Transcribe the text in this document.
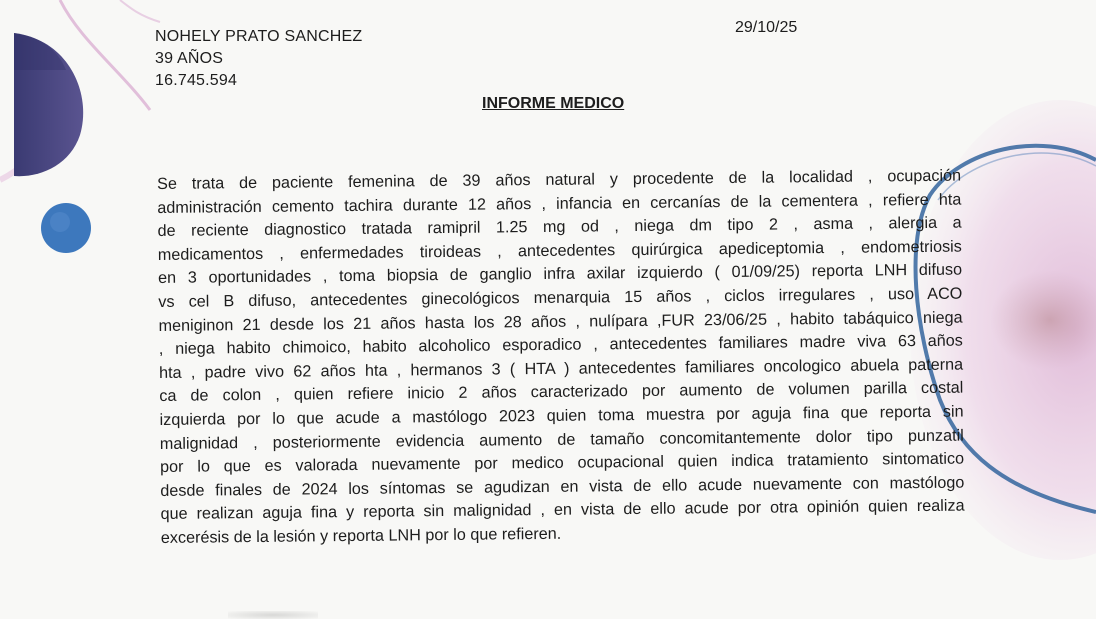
NOHELY PRATO SANCHEZ
39 AÑOS
16.745.594
29/10/25
INFORME MEDICO
Se trata de paciente femenina de 39 años natural y procedente de la localidad , ocupación
administración cemento tachira durante 12 años , infancia en cercanías de la cementera , refiere hta
de reciente diagnostico tratada ramipril 1.25 mg od , niega dm tipo 2 , asma , alergia a
medicamentos , enfermedades tiroideas , antecedentes quirúrgica apediceptomia , endometriosis
en 3 oportunidades , toma biopsia de ganglio infra axilar izquierdo ( 01/09/25) reporta LNH difuso
vs cel B difuso, antecedentes ginecológicos menarquia 15 años , ciclos irregulares , uso ACO
meniginon 21 desde los 21 años hasta los 28 años , nulípara ,FUR 23/06/25 , habito tabáquico niega
, niega habito chimoico, habito alcoholico esporadico , antecedentes familiares madre viva 63 años
hta , padre vivo 62 años hta , hermanos 3 ( HTA ) antecedentes familiares oncologico abuela paterna
ca de colon , quien refiere inicio 2 años caracterizado por aumento de volumen parilla costal
izquierda por lo que acude a mastólogo 2023 quien toma muestra por aguja fina que reporta sin
malignidad , posteriormente evidencia aumento de tamaño concomitantemente dolor tipo punzatil
por lo que es valorada nuevamente por medico ocupacional quien indica tratamiento sintomatico
desde finales de 2024 los síntomas se agudizan en vista de ello acude nuevamente con mastólogo
que realizan aguja fina y reporta sin malignidad , en vista de ello acude por otra opinión quien realiza
excerésis de la lesión y reporta LNH por lo que refieren.
